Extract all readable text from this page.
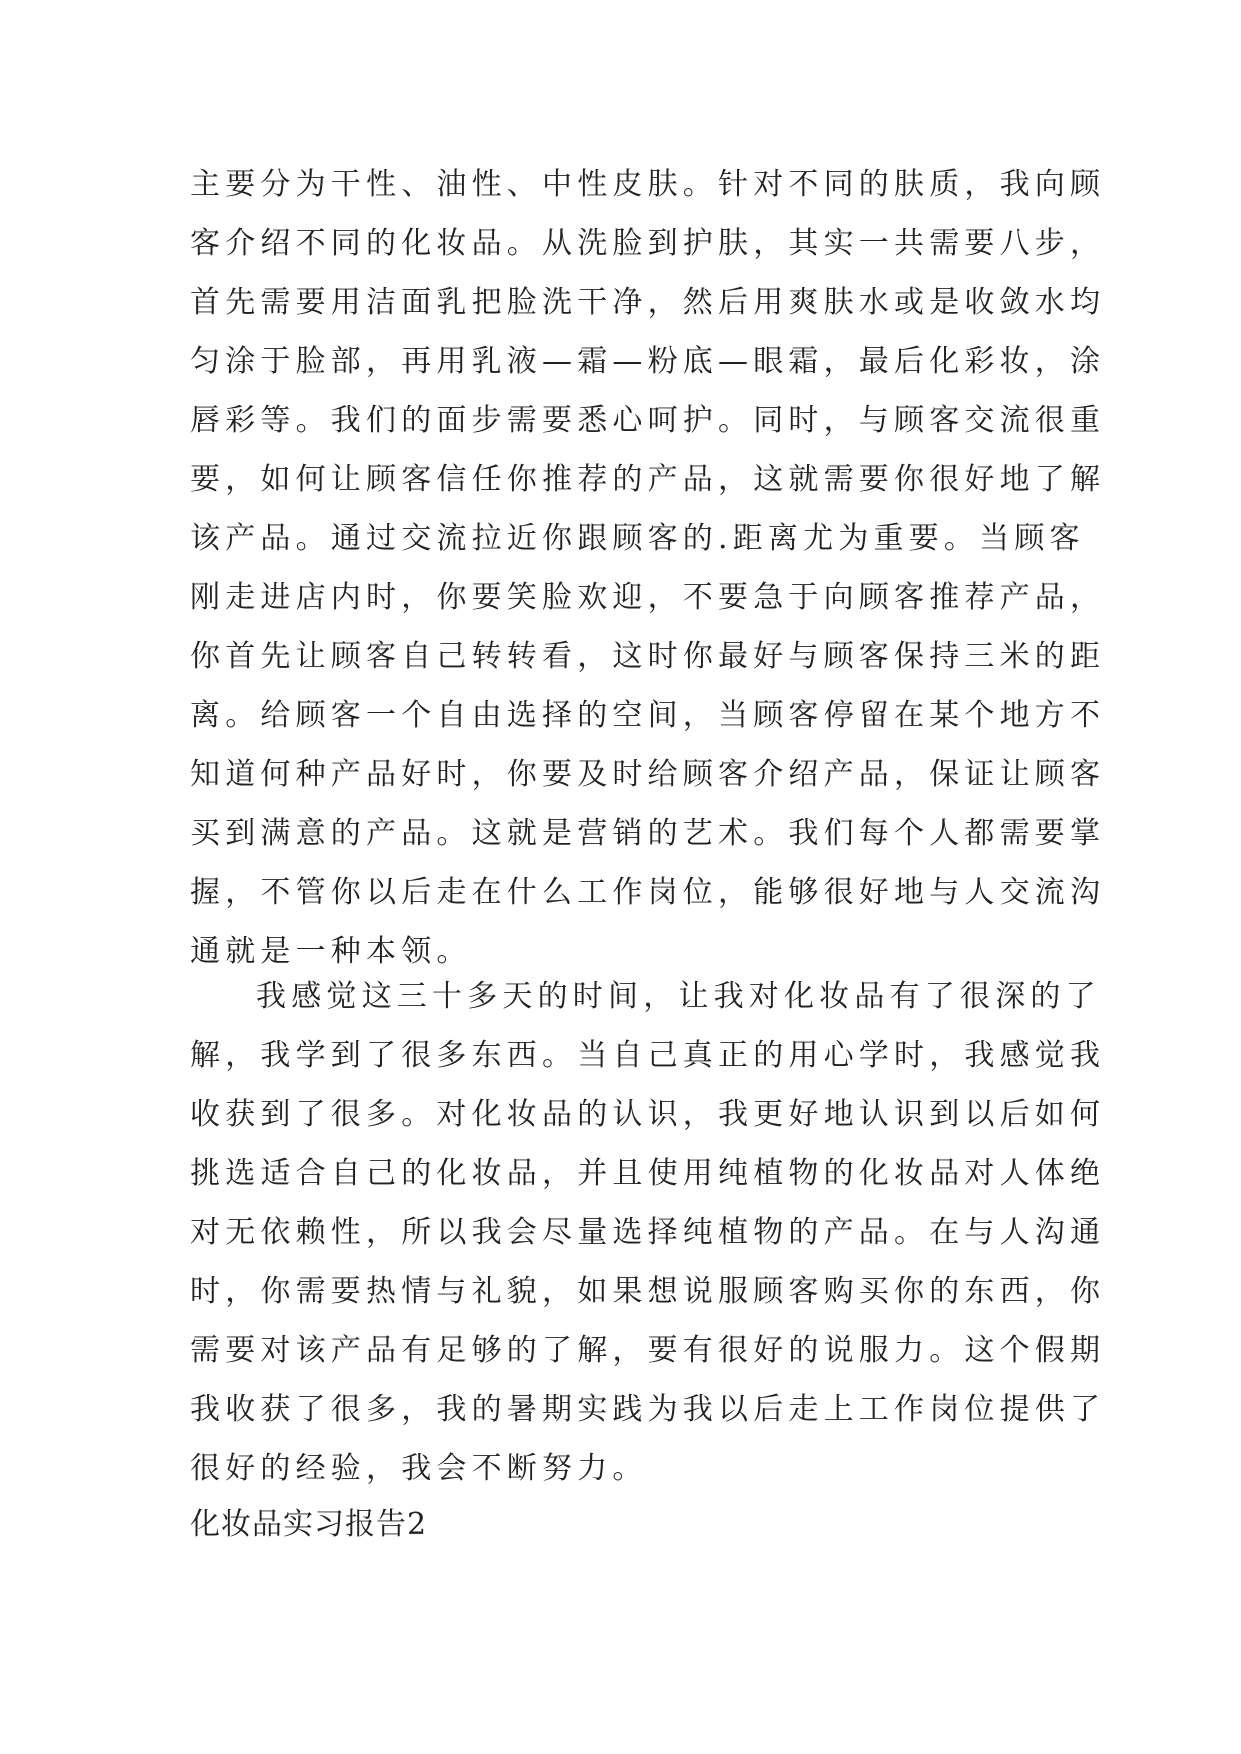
主要分为干性、油性、中性皮肤。针对不同的肤质，我向顾
客介绍不同的化妆品。从洗脸到护肤，其实一共需要八步，
首先需要用洁面乳把脸洗干净，然后用爽肤水或是收敛水均
匀涂于脸部，再用乳液—霜—粉底—眼霜，最后化彩妆，涂
唇彩等。我们的面步需要悉心呵护。同时，与顾客交流很重
要，如何让顾客信任你推荐的产品，这就需要你很好地了解
该产品。通过交流拉近你跟顾客的.距离尤为重要。当顾客
刚走进店内时，你要笑脸欢迎，不要急于向顾客推荐产品，
你首先让顾客自己转转看，这时你最好与顾客保持三米的距
离。给顾客一个自由选择的空间，当顾客停留在某个地方不
知道何种产品好时，你要及时给顾客介绍产品，保证让顾客
买到满意的产品。这就是营销的艺术。我们每个人都需要掌
握，不管你以后走在什么工作岗位，能够很好地与人交流沟
通就是一种本领。
我感觉这三十多天的时间，让我对化妆品有了很深的了
解，我学到了很多东西。当自己真正的用心学时，我感觉我
收获到了很多。对化妆品的认识，我更好地认识到以后如何
挑选适合自己的化妆品，并且使用纯植物的化妆品对人体绝
对无依赖性，所以我会尽量选择纯植物的产品。在与人沟通
时，你需要热情与礼貌，如果想说服顾客购买你的东西，你
需要对该产品有足够的了解，要有很好的说服力。这个假期
我收获了很多，我的暑期实践为我以后走上工作岗位提供了
很好的经验，我会不断努力。
化妆品实习报告2
